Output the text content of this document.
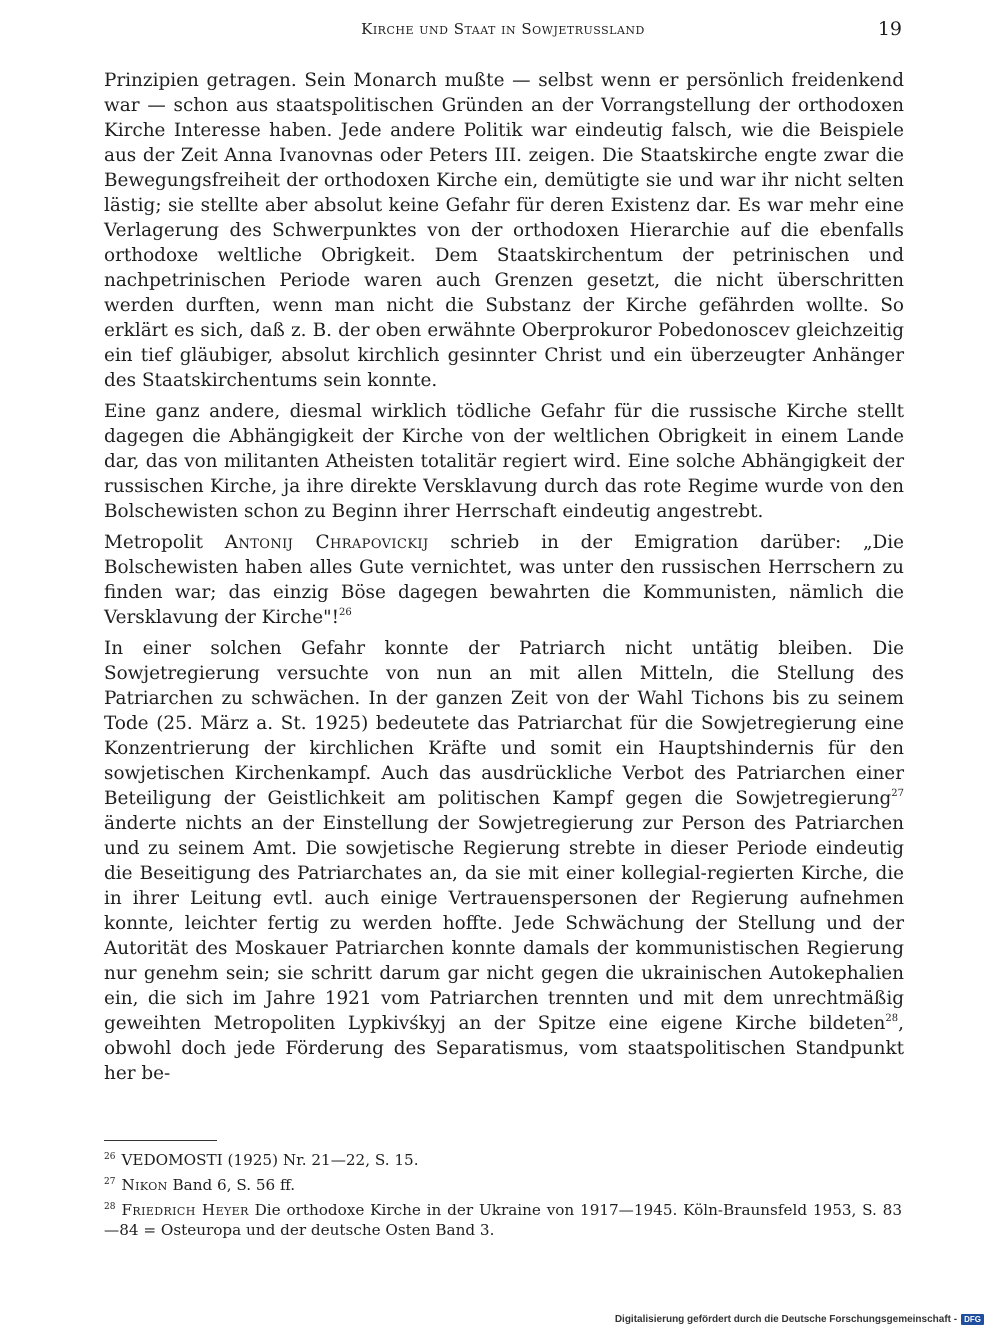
Kirche und Staat in Sowjetrussland	19

Prinzipien getragen. Sein Monarch mußte — selbst wenn er persönlich freidenkend war — schon aus staatspolitischen Gründen an der Vorrangstellung der orthodoxen Kirche Interesse haben. Jede andere Politik war eindeutig falsch, wie die Beispiele aus der Zeit Anna Ivanovnas oder Peters III. zeigen. Die Staatskirche engte zwar die Bewegungsfreiheit der orthodoxen Kirche ein, demütigte sie und war ihr nicht selten lästig; sie stellte aber absolut keine Gefahr für deren Existenz dar. Es war mehr eine Verlagerung des Schwerpunktes von der orthodoxen Hierarchie auf die ebenfalls orthodoxe weltliche Obrigkeit. Dem Staatskirchentum der petrinischen und nachpetrinischen Periode waren auch Grenzen gesetzt, die nicht überschritten werden durften, wenn man nicht die Substanz der Kirche gefährden wollte. So erklärt es sich, daß z. B. der oben erwähnte Oberprokuror Pobedonoscev gleichzeitig ein tief gläubiger, absolut kirchlich gesinnter Christ und ein überzeugter Anhänger des Staatskirchentums sein konnte.

Eine ganz andere, diesmal wirklich tödliche Gefahr für die russische Kirche stellt dagegen die Abhängigkeit der Kirche von der weltlichen Obrigkeit in einem Lande dar, das von militanten Atheisten totalitär regiert wird. Eine solche Abhängigkeit der russischen Kirche, ja ihre direkte Versklavung durch das rote Regime wurde von den Bolschewisten schon zu Beginn ihrer Herrschaft eindeutig angestrebt.

Metropolit Antonij Chrapovickij schrieb in der Emigration darüber: „Die Bolschewisten haben alles Gute vernichtet, was unter den russischen Herrschern zu finden war; das einzig Böse dagegen bewahrten die Kommunisten, nämlich die Versklavung der Kirche"!$^{26}$

In einer solchen Gefahr konnte der Patriarch nicht untätig bleiben. Die Sowjetregierung versuchte von nun an mit allen Mitteln, die Stellung des Patriarchen zu schwächen. In der ganzen Zeit von der Wahl Tichons bis zu seinem Tode (25. März a. St. 1925) bedeutete das Patriarchat für die Sowjetregierung eine Konzentrierung der kirchlichen Kräfte und somit ein Hauptshindernis für den sowjetischen Kirchenkampf. Auch das ausdrückliche Verbot des Patriarchen einer Beteiligung der Geistlichkeit am politischen Kampf gegen die Sowjetregierung$^{27}$ änderte nichts an der Einstellung der Sowjetregierung zur Person des Patriarchen und zu seinem Amt. Die sowjetische Regierung strebte in dieser Periode eindeutig die Beseitigung des Patriarchates an, da sie mit einer kollegial-regierten Kirche, die in ihrer Leitung evtl. auch einige Vertrauenspersonen der Regierung aufnehmen konnte, leichter fertig zu werden hoffte. Jede Schwächung der Stellung und der Autorität des Moskauer Patriarchen konnte damals der kommunistischen Regierung nur genehm sein; sie schritt darum gar nicht gegen die ukrainischen Autokephalien ein, die sich im Jahre 1921 vom Patriarchen trennten und mit dem unrechtmäßig geweihten Metropoliten Lypkivśkyj an der Spitze eine eigene Kirche bildeten$^{28}$, obwohl doch jede Förderung des Separatismus, vom staatspolitischen Standpunkt her be-

$^{26}$ VEDOMOSTI (1925) Nr. 21—22, S. 15.
$^{27}$ Nikon Band 6, S. 56 ff.
$^{28}$ Friedrich Heyer Die orthodoxe Kirche in der Ukraine von 1917—1945. Köln-Braunsfeld 1953, S. 83—84 = Osteuropa und der deutsche Osten Band 3.
Digitalisierung gefördert durch die Deutsche Forschungsgemeinschaft - DFG
